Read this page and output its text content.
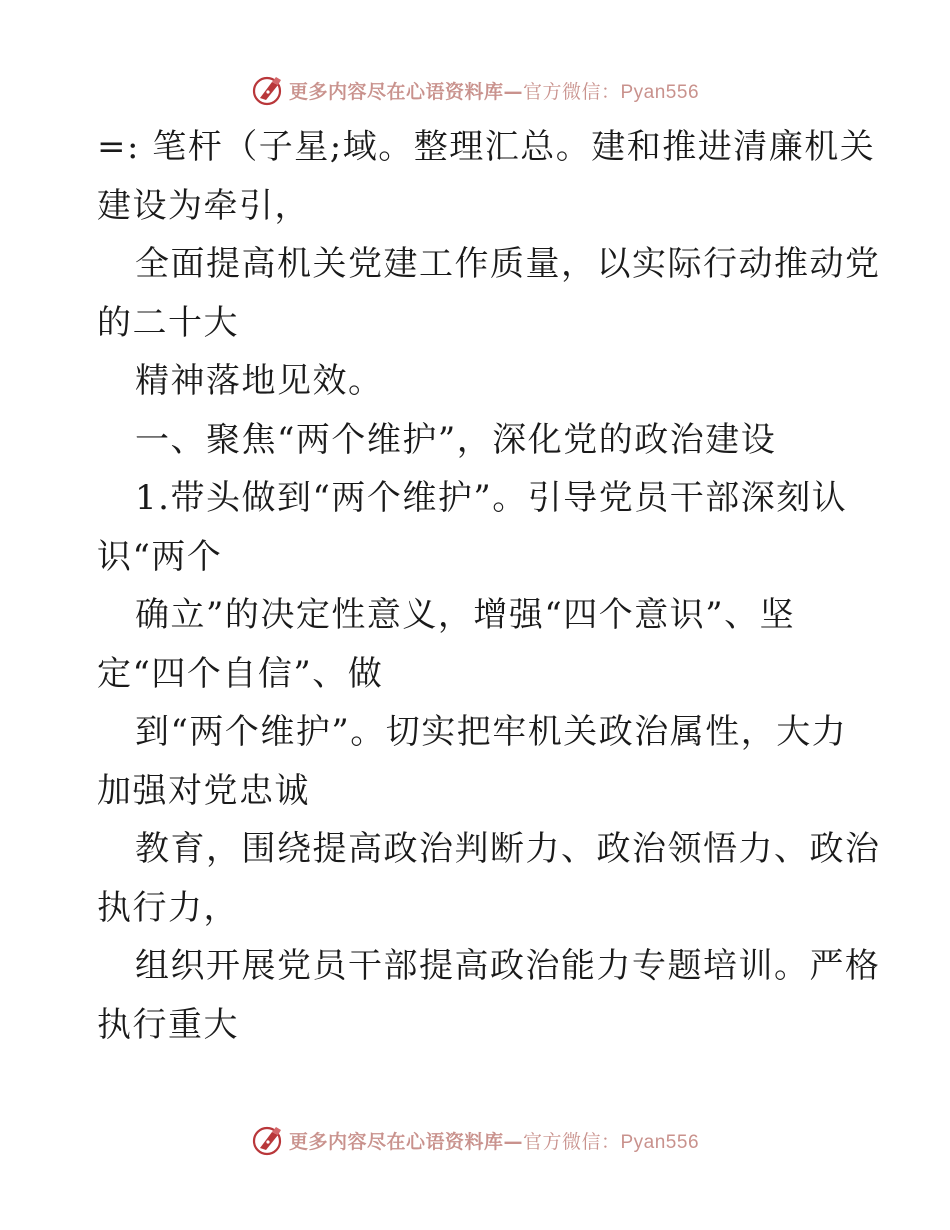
更多内容尽在心语资料库—官方微信：Pyan556
=: 笔杆（子星;域。整理汇总。建和推进清廉机关
建设为牵引，
全面提高机关党建工作质量，以实际行动推动党
的二十大
精神落地见效。
一、聚焦“两个维护”，深化党的政治建设
1.带头做到“两个维护”。引导党员干部深刻认
识“两个
确立”的决定性意义，增强“四个意识”、坚
定“四个自信”、做
到“两个维护”。切实把牢机关政治属性，大力
加强对党忠诚
教育，围绕提高政治判断力、政治领悟力、政治
执行力，
组织开展党员干部提高政治能力专题培训。严格
执行重大
更多内容尽在心语资料库—官方微信：Pyan556
